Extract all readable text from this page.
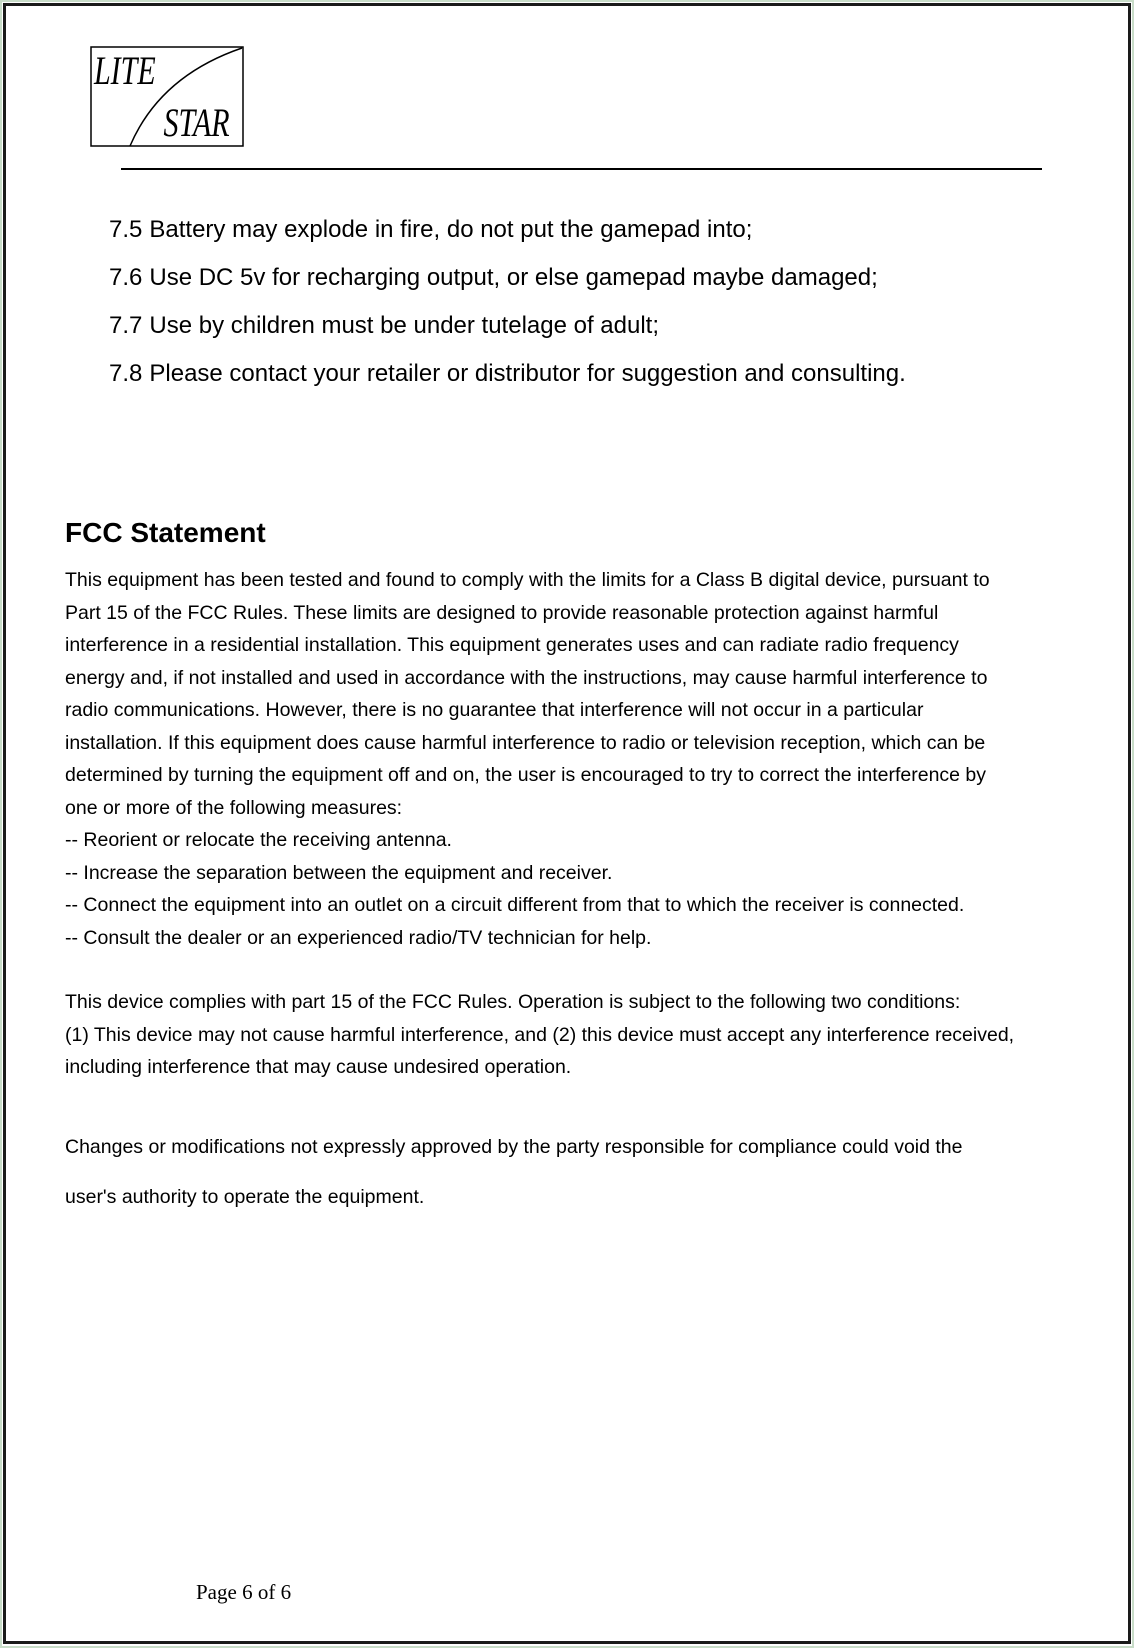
LITE
STAR
7.5 Battery may explode in fire, do not put the gamepad into;
7.6 Use DC 5v for recharging output, or else gamepad maybe damaged;
7.7 Use by children must be under tutelage of adult;
7.8 Please contact your retailer or distributor for suggestion and consulting.
FCC Statement

This equipment has been tested and found to comply with the limits for a Class B digital device, pursuant to
Part 15 of the FCC Rules. These limits are designed to provide reasonable protection against harmful
interference in a residential installation. This equipment generates uses and can radiate radio frequency
energy and, if not installed and used in accordance with the instructions, may cause harmful interference to
radio communications. However, there is no guarantee that interference will not occur in a particular
installation. If this equipment does cause harmful interference to radio or television reception, which can be
determined by turning the equipment off and on, the user is encouraged to try to correct the interference by
one or more of the following measures:
-- Reorient or relocate the receiving antenna.
-- Increase the separation between the equipment and receiver.
-- Connect the equipment into an outlet on a circuit different from that to which the receiver is connected.
-- Consult the dealer or an experienced radio/TV technician for help.

This device complies with part 15 of the FCC Rules. Operation is subject to the following two conditions:
(1) This device may not cause harmful interference, and (2) this device must accept any interference received,
including interference that may cause undesired operation.

Changes or modifications not expressly approved by the party responsible for compliance could void the
user's authority to operate the equipment.

Page 6 of 6
